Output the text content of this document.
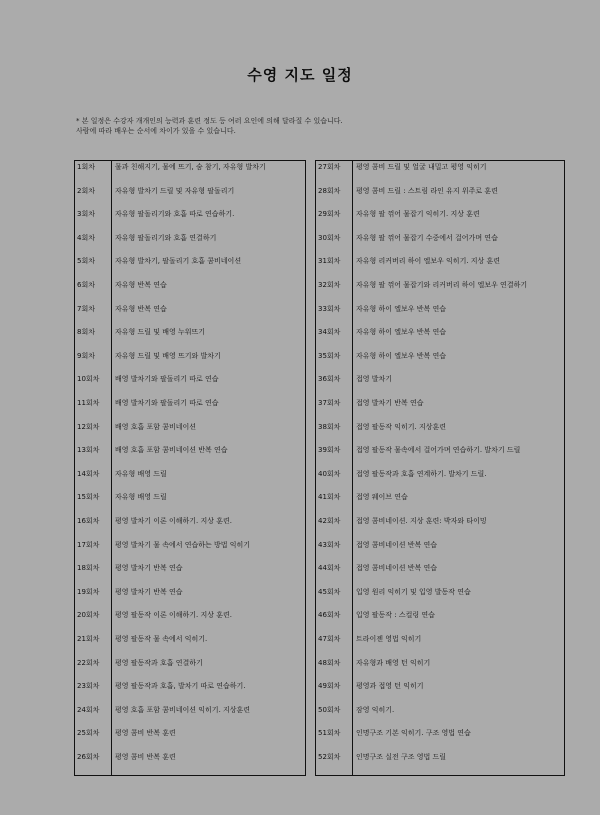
수영 지도 일정
* 본 일정은 수강자 개개인의 능력과 훈련 정도 등 여러 요인에 의해 달라질 수 있습니다.
사람에 따라 배우는 순서에 차이가 있을 수 있습니다.
1회차	물과 친해지기, 물에 뜨기, 숨 참기, 자유형 발차기
2회차	자유형 발차기 드릴 및 자유형 팔돌리기
3회차	자유형 팔돌리기와 호흡 따로 연습하기.
4회차	자유형 팔돌리기와 호흡 연결하기
5회차	자유형 발차기, 팔돌리기 호흡 콤비네이션
6회차	자유형 반복 연습
7회차	자유형 반복 연습
8회차	자유형 드릴 및 배영 누워뜨기
9회차	자유형 드릴 및 배영 뜨기와 발차기
10회차 배영 발차기와 팔돌리기 따로 연습
11회차 배영 발차기와 팔돌리기 따로 연습
12회차 배영 호흡 포함 콤비네이션
13회차 배영 호흡 포함 콤비네이션 반복 연습
14회차 자유형 배영 드릴
15회차 자유형 배영 드릴
16회차 평영 발차기 이론 이해하기. 지상 훈련.
17회차 평영 발차기 물 속에서 연습하는 방법 익히기
18회차 평영 발차기 반복 연습
19회차 평영 발차기 반복 연습
20회차 평영 팔동작 이론 이해하기. 지상 훈련.
21회차 평영 팔동작 물 속에서 익히기.
22회차 평영 팔동작과 호흡 연결하기
23회차 평영 팔동작과 호흡, 발차기 따로 연습하기.
24회차 평영 호흡 포함 콤비네이션 익히기. 지상훈련
25회차 평영 콤비 반복 훈련
26회차 평영 콤비 반복 훈련
27회차 평영 콤비 드릴 및 얼굴 내밀고 평영 익히기
28회차 평영 콤비 드릴 : 스트림 라인 유지 위주로 훈련
29회차 자유형 팔 꺾어 물잡기 익히기. 지상 훈련
30회차 자유형 팔 꺾어 물잡기 수중에서 걸어가며 연습
31회차 자유형 리커버리 하이 엘보우 익히기. 지상 훈련
32회차 자유형 팔 꺾어 물잡기와 리커버리 하이 엘보우 연결하기
33회차 자유형 하이 엘보우 반복 연습
34회차 자유형 하이 엘보우 반복 연습
35회차 자유형 하이 엘보우 반복 연습
36회차 접영 발차기
37회차 접영 발차기 반복 연습
38회차 접영 팔동작 익히기. 지상훈련
39회차 접영 팔동작 물속에서 걸어가며 연습하기. 발차기 드릴
40회차 접영 팔동작과 호흡 연계하기. 발차기 드릴.
41회차 접영 웨이브 연습
42회차 접영 콤비네이션. 지상 훈련: 박자와 타이밍
43회차 접영 콤비네이션 반복 연습
44회차 접영 콤비네이션 반복 연습
45회차 입영 원리 익히기 및 입영 발동작 연습
46회차 입영 팔동작 : 스컬링 연습
47회차 트라이젠 영법 익히기
48회차 자유형과 배영 턴 익히기
49회차 평영과 접영 턴 익히기
50회차 잠영 익히기.
51회차 인명구조 기본 익히기. 구조 영법 연습
52회차 인명구조 실전 구조 영법 드릴
